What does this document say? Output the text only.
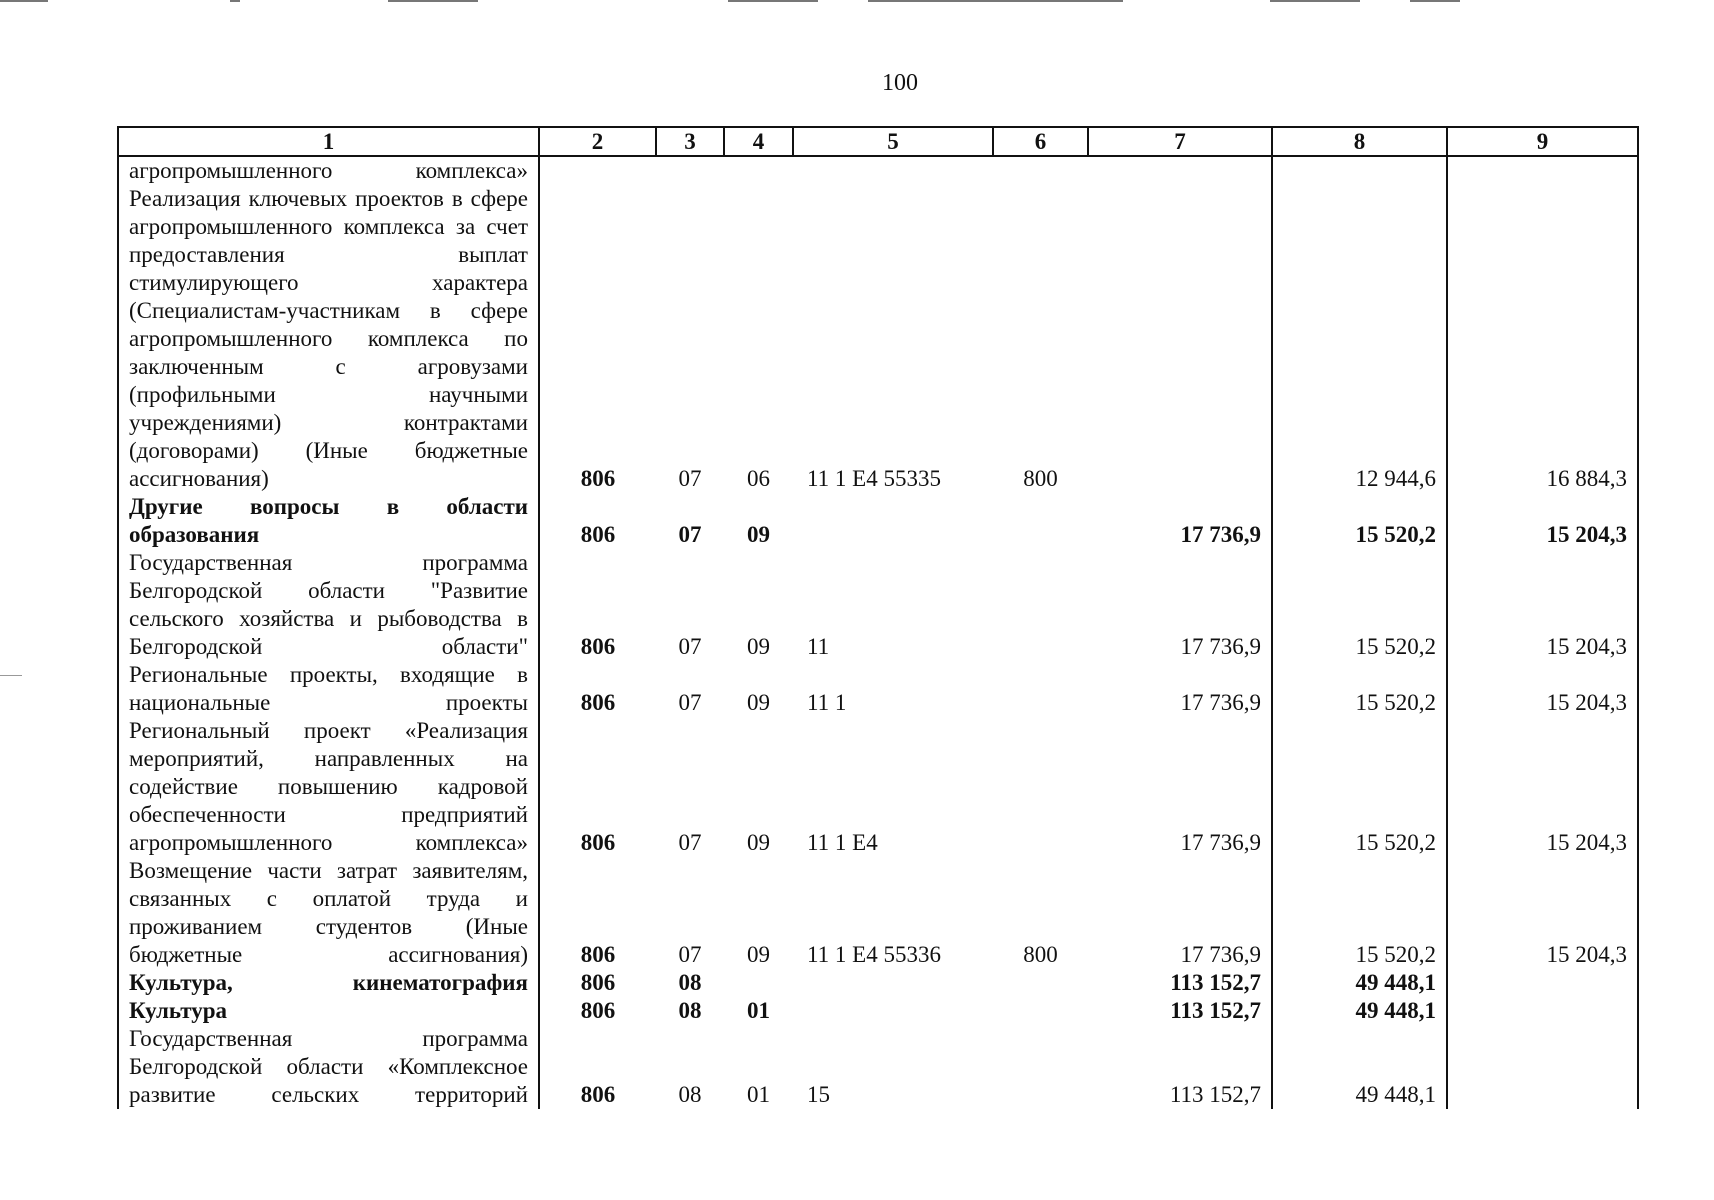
100
1	2	3	4	5	6	7	8	9
агропромышленного комплекса» Реализация ключевых проектов в сфере агропромышленного комплекса за счет предоставления выплат стимулирующего характера (Специалистам-участникам в сфере агропромышленного комплекса по заключенным с агровузами (профильными научными учреждениями) контрактами (договорами) (Иные бюджетные ассигнования)	806	07	06	11 1 Е4 55335	800		12 944,6	16 884,3
Другие вопросы в области образования	806	07	09			17 736,9	15 520,2	15 204,3
Государственная программа Белгородской области "Развитие сельского хозяйства и рыбоводства в Белгородской области"	806	07	09	11		17 736,9	15 520,2	15 204,3
Региональные проекты, входящие в национальные проекты	806	07	09	11 1		17 736,9	15 520,2	15 204,3
Региональный проект «Реализация мероприятий, направленных на содействие повышению кадровой обеспеченности предприятий агропромышленного комплекса»	806	07	09	11 1 Е4		17 736,9	15 520,2	15 204,3
Возмещение части затрат заявителям, связанных с оплатой труда и проживанием студентов (Иные бюджетные ассигнования)	806	07	09	11 1 Е4 55336	800	17 736,9	15 520,2	15 204,3
Культура, кинематография	806	08				113 152,7	49 448,1	
Культура	806	08	01			113 152,7	49 448,1	
Государственная программа Белгородской области «Комплексное развитие сельских территорий	806	08	01	15		113 152,7	49 448,1	
